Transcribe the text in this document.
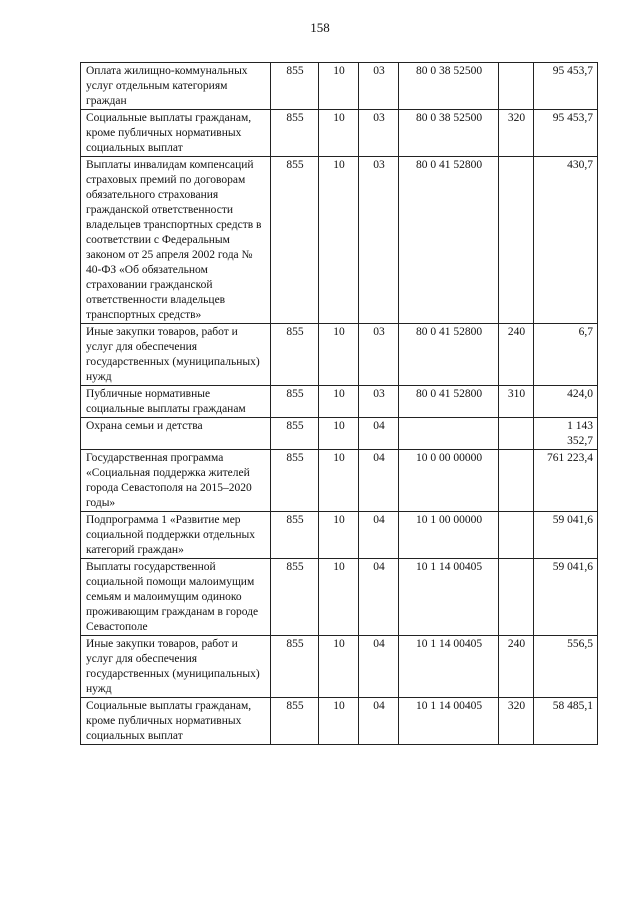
158
Оплата жилищно-коммунальных услуг отдельным категориям граждан	855	10	03	80 0 38 52500		95 453,7
Социальные выплаты гражданам, кроме публичных нормативных социальных выплат	855	10	03	80 0 38 52500	320	95 453,7
Выплаты инвалидам компенсаций страховых премий по договорам обязательного страхования гражданской ответственности владельцев транспортных средств в соответствии с Федеральным законом от 25 апреля 2002 года № 40-ФЗ «Об обязательном страховании гражданской ответственности владельцев транспортных средств»	855	10	03	80 0 41 52800		430,7
Иные закупки товаров, работ и услуг для обеспечения государственных (муниципальных) нужд	855	10	03	80 0 41 52800	240	6,7
Публичные нормативные социальные выплаты гражданам	855	10	03	80 0 41 52800	310	424,0
Охрана семьи и детства	855	10	04			1 143 352,7
Государственная программа «Социальная поддержка жителей города Севастополя на 2015–2020 годы»	855	10	04	10 0 00 00000		761 223,4
Подпрограмма 1 «Развитие мер социальной поддержки отдельных категорий граждан»	855	10	04	10 1 00 00000		59 041,6
Выплаты государственной социальной помощи малоимущим семьям и малоимущим одиноко проживающим гражданам в городе Севастополе	855	10	04	10 1 14 00405		59 041,6
Иные закупки товаров, работ и услуг для обеспечения государственных (муниципальных) нужд	855	10	04	10 1 14 00405	240	556,5
Социальные выплаты гражданам, кроме публичных нормативных социальных выплат	855	10	04	10 1 14 00405	320	58 485,1
